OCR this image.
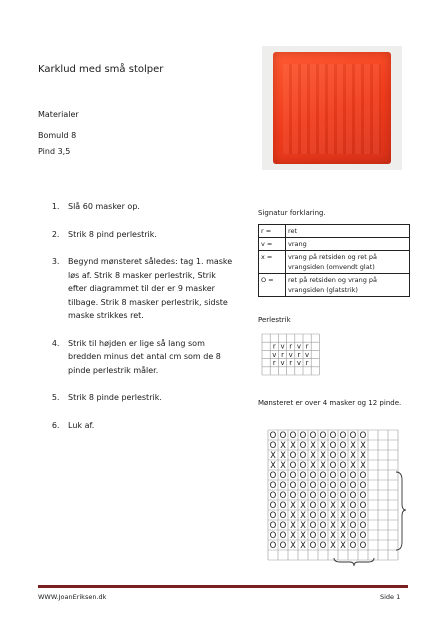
Karklud med små stolper
Materialer
Bomuld 8
Pind 3,5
1. Slå 60 masker op.
2. Strik 8 pind perlestrik.
3. Begynd mønsteret således: tag 1. maske løs af. Strik 8 masker perlestrik, Strik efter diagrammet til der er 9 masker tilbage. Strik 8 masker perlestrik, sidste maske strikkes ret.
4. Strik til højden er lige så lang som bredden minus det antal cm som de 8 pinde perlestrik måler.
5. Strik 8 pinde perlestrik.
6. Luk af.
Signatur forklaring.
r =	ret
v =	vrang
x =	vrang på retsiden og ret på vrangsiden (omvendt glat)
O =	ret på retsiden og vrang på vrangsiden (glatstrik)
Perlestrik
r v r v r
v r v r v
r v r v r
Mønsteret er over 4 masker og 12 pinde.
O O O O O O O O O O
O X X O X X O O X X
X X O O X X O O X X
X X O O X X O O X X
O O O O O O O O O O
O O O O O O O O O O
O O O O O O O O O O
O O X X O O X X O O
O O X X O O X X O O
O O X X O O X X O O
O O X X O O X X O O
O O X X O O X X O O
WWW.JoanEriksen.dk	Side 1
